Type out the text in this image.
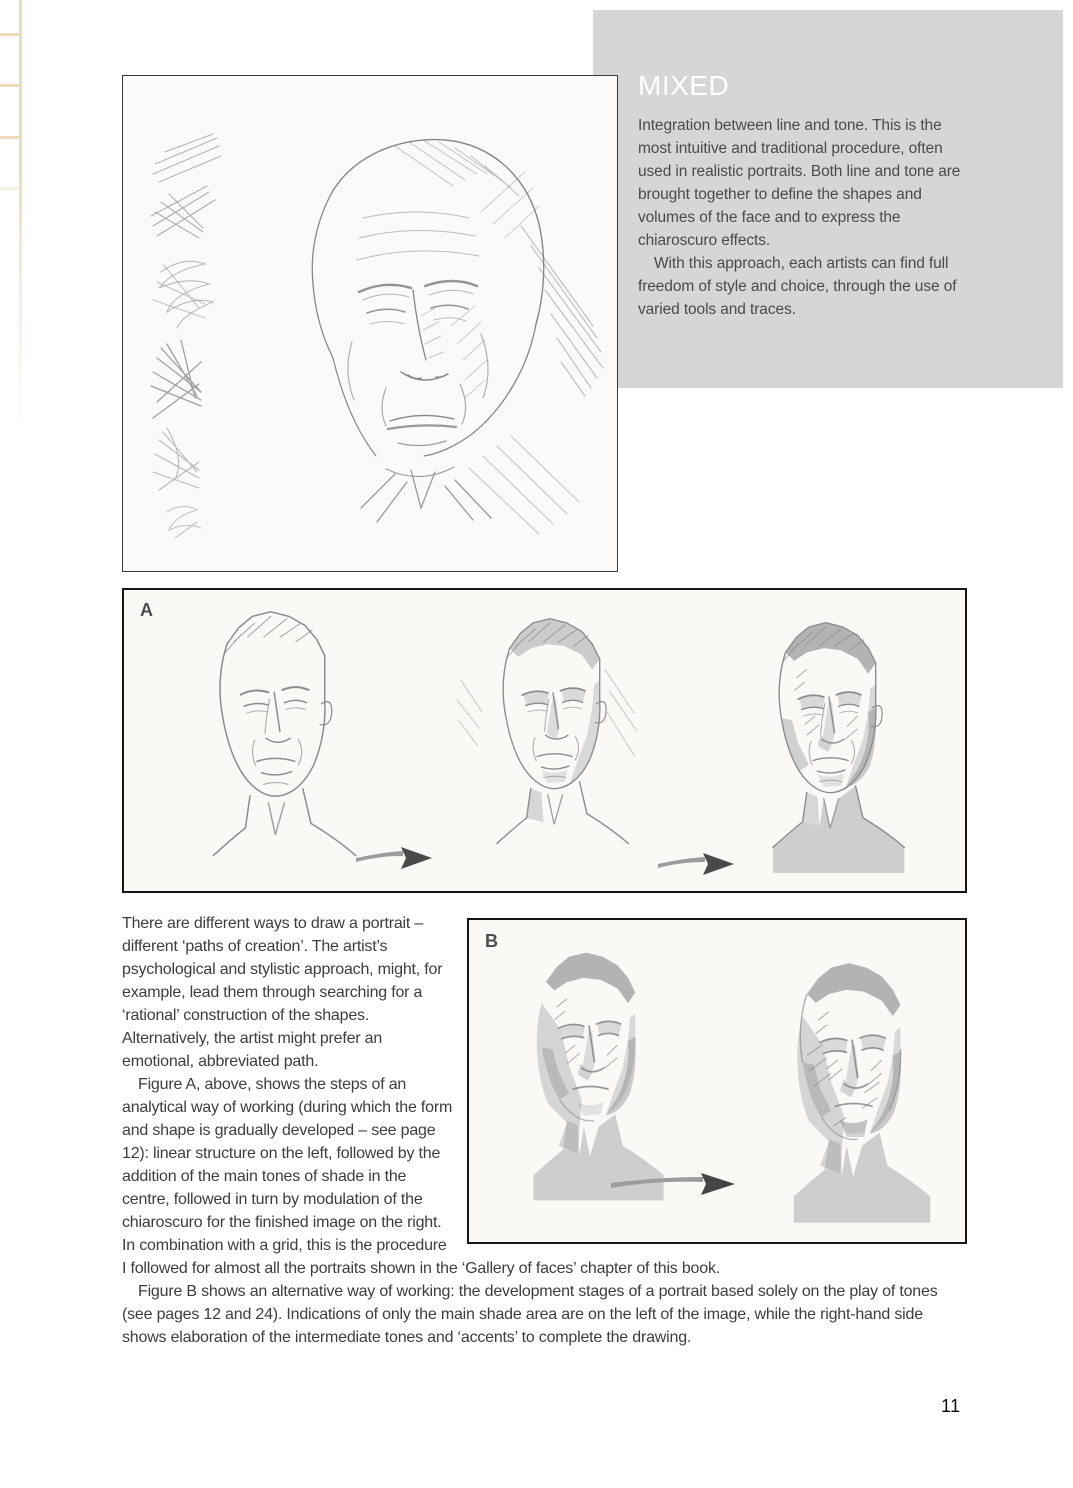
MIXED

Integration between line and tone. This is the most intuitive and traditional procedure, often used in realistic portraits. Both line and tone are brought together to define the shapes and volumes of the face and to express the chiaroscuro effects.

With this approach, each artists can find full freedom of style and choice, through the use of varied tools and traces.

A
B

There are different ways to draw a portrait – different ‘paths of creation’. The artist’s psychological and stylistic approach, might, for example, lead them through searching for a ‘rational’ construction of the shapes. Alternatively, the artist might prefer an emotional, abbreviated path.

Figure A, above, shows the steps of an analytical way of working (during which the form and shape is gradually developed – see page 12): linear structure on the left, followed by the addition of the main tones of shade in the centre, followed in turn by modulation of the chiaroscuro for the finished image on the right. In combination with a grid, this is the procedure I followed for almost all the portraits shown in the ‘Gallery of faces’ chapter of this book.

Figure B shows an alternative way of working: the development stages of a portrait based solely on the play of tones (see pages 12 and 24). Indications of only the main shade area are on the left of the image, while the right-hand side shows elaboration of the intermediate tones and ‘accents’ to complete the drawing.

11
